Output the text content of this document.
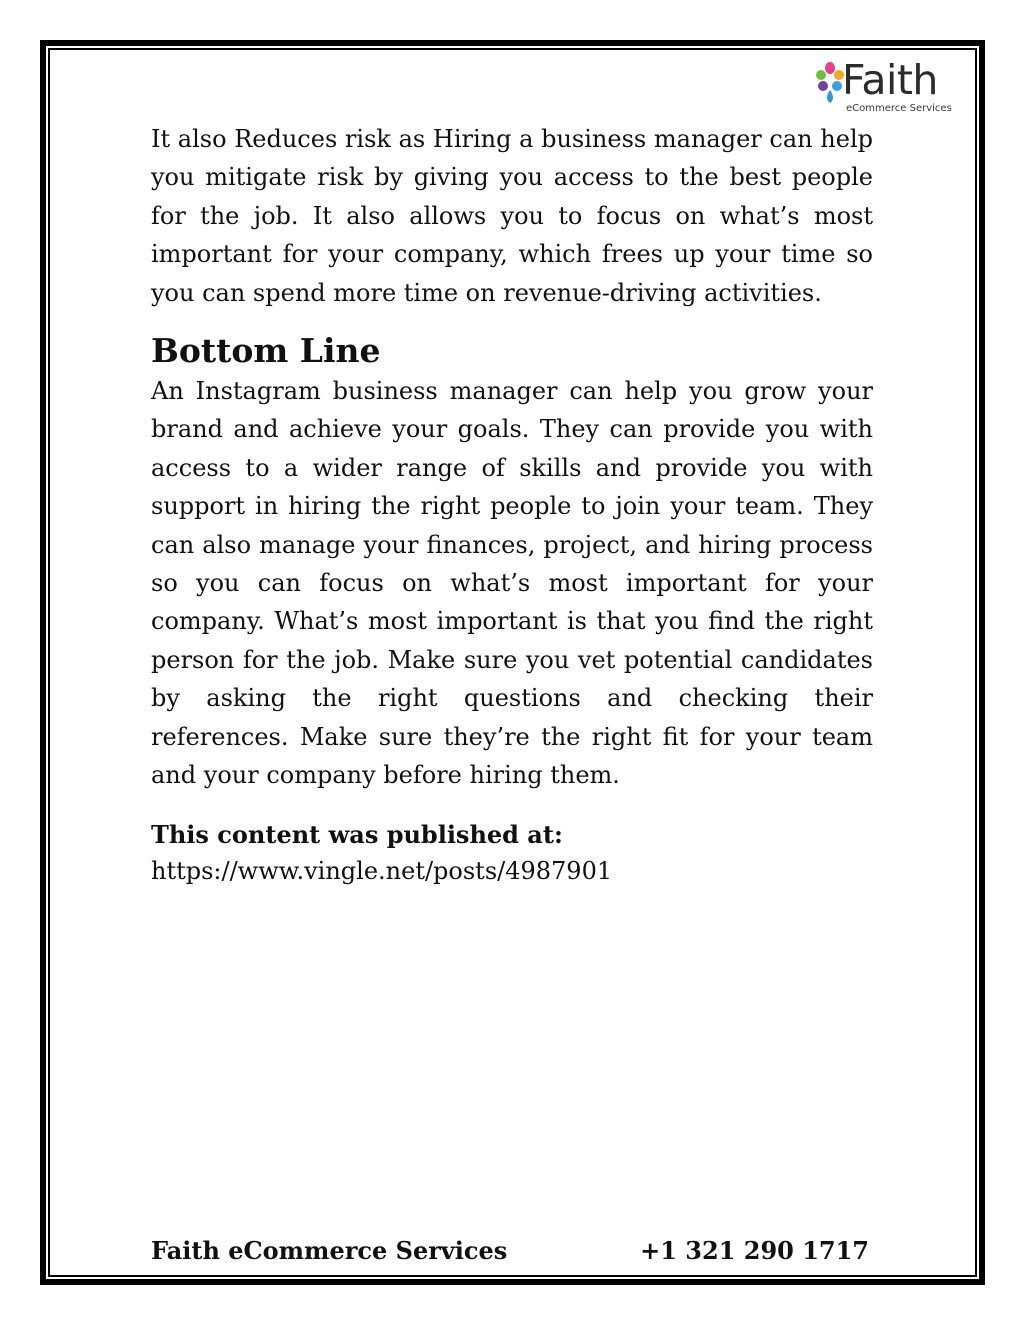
Faith
eCommerce Services

It also Reduces risk as Hiring a business manager can help you mitigate risk by giving you access to the best people for the job. It also allows you to focus on what’s most important for your company, which frees up your time so you can spend more time on revenue-driving activities.

Bottom Line

An Instagram business manager can help you grow your brand and achieve your goals. They can provide you with access to a wider range of skills and provide you with support in hiring the right people to join your team. They can also manage your finances, project, and hiring process so you can focus on what’s most important for your company. What’s most important is that you find the right person for the job. Make sure you vet potential candidates by asking the right questions and checking their references. Make sure they’re the right fit for your team and your company before hiring them.

This content was published at:

https://www.vingle.net/posts/4987901

Faith eCommerce Services	+1 321 290 1717
